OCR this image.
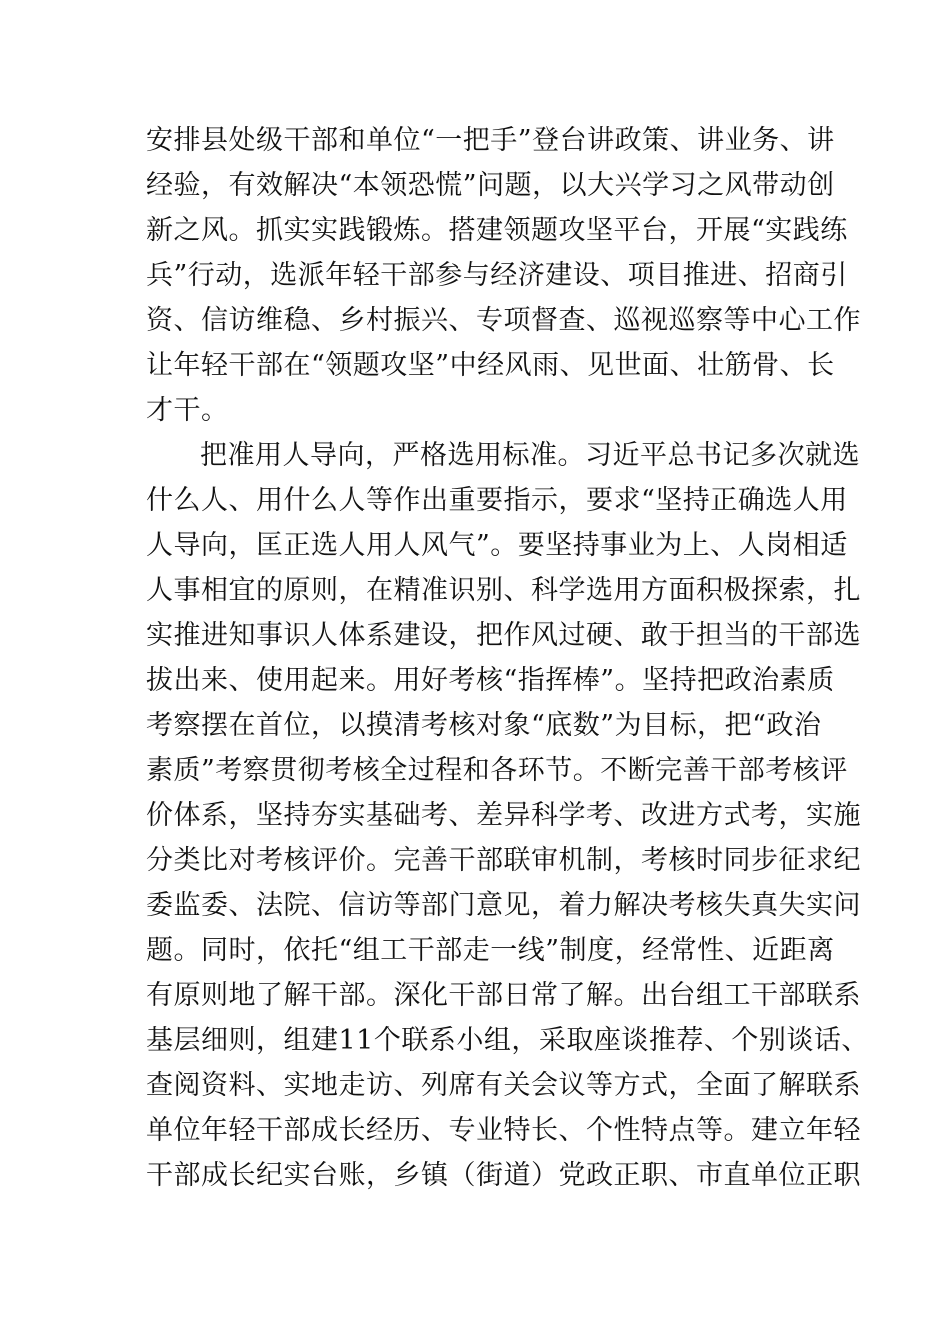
安排县处级干部和单位“一把手”登台讲政策、讲业务、讲
经验，有效解决“本领恐慌”问题，以大兴学习之风带动创
新之风。抓实实践锻炼。搭建领题攻坚平台，开展“实践练
兵”行动，选派年轻干部参与经济建设、项目推进、招商引
资、信访维稳、乡村振兴、专项督查、巡视巡察等中心工作
让年轻干部在“领题攻坚”中经风雨、见世面、壮筋骨、长
才干。
把准用人导向，严格选用标准。习近平总书记多次就选
什么人、用什么人等作出重要指示，要求“坚持正确选人用
人导向，匡正选人用人风气”。要坚持事业为上、人岗相适
人事相宜的原则，在精准识别、科学选用方面积极探索，扎
实推进知事识人体系建设，把作风过硬、敢于担当的干部选
拔出来、使用起来。用好考核“指挥棒”。坚持把政治素质
考察摆在首位，以摸清考核对象“底数”为目标，把“政治
素质”考察贯彻考核全过程和各环节。不断完善干部考核评
价体系，坚持夯实基础考、差异科学考、改进方式考，实施
分类比对考核评价。完善干部联审机制，考核时同步征求纪
委监委、法院、信访等部门意见，着力解决考核失真失实问
题。同时，依托“组工干部走一线”制度，经常性、近距离
有原则地了解干部。深化干部日常了解。出台组工干部联系
基层细则，组建11个联系小组，采取座谈推荐、个别谈话、
查阅资料、实地走访、列席有关会议等方式，全面了解联系
单位年轻干部成长经历、专业特长、个性特点等。建立年轻
干部成长纪实台账，乡镇（街道）党政正职、市直单位正职
